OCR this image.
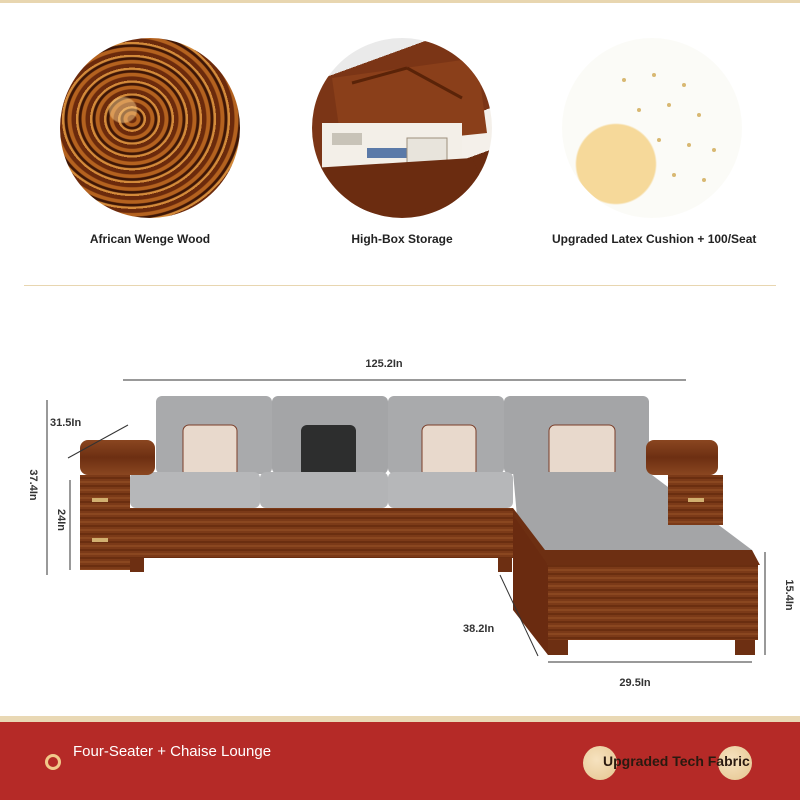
African Wenge Wood	High-Box Storage	Upgraded Latex Cushion + 100/Seat
125.2In
31.5In
37.4In
24In
15.4In
38.2In
29.5In
Four-Seater + Chaise Lounge
Upgraded Tech Fabric
